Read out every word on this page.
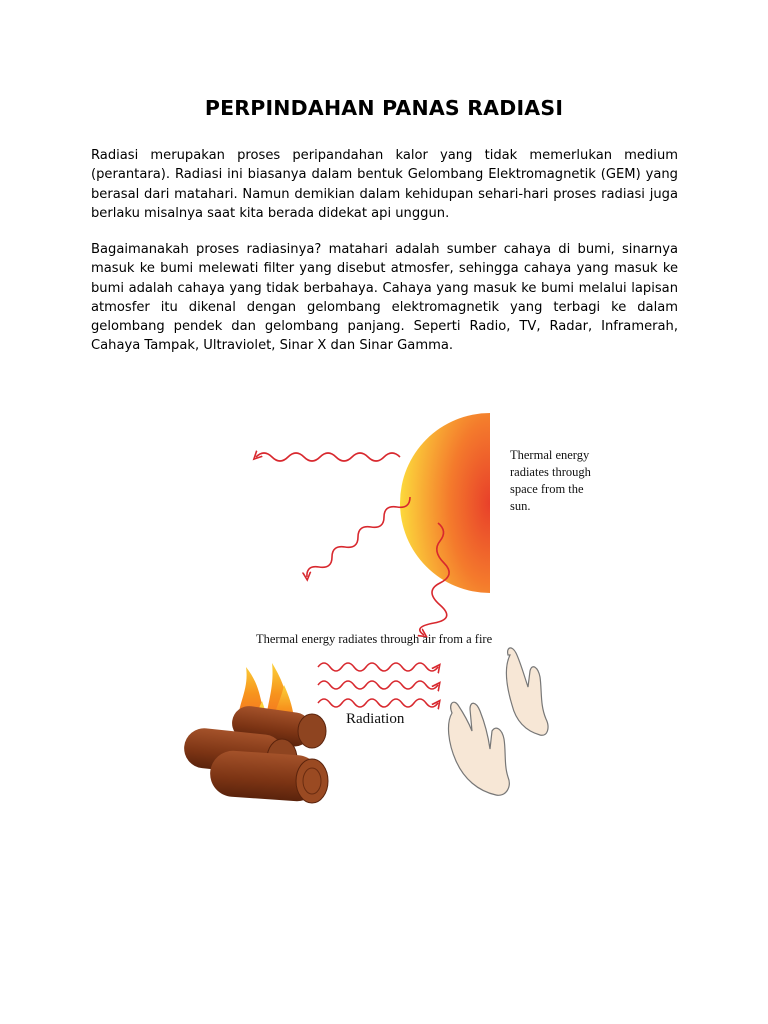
PERPINDAHAN PANAS RADIASI
Radiasi merupakan proses peripandahan kalor yang tidak memerlukan medium (perantara). Radiasi ini biasanya dalam bentuk Gelombang Elektromagnetik (GEM) yang berasal dari matahari. Namun demikian dalam kehidupan sehari-hari proses radiasi juga berlaku misalnya saat kita berada didekat api unggun.
Bagaimanakah proses radiasinya? matahari adalah sumber cahaya di bumi, sinarnya masuk ke bumi melewati filter yang disebut atmosfer, sehingga cahaya yang masuk ke bumi adalah cahaya yang tidak berbahaya. Cahaya yang masuk ke bumi melalui lapisan atmosfer itu dikenal dengan gelombang elektromagnetik yang terbagi ke dalam gelombang pendek dan gelombang panjang. Seperti Radio, TV, Radar, Inframerah, Cahaya Tampak, Ultraviolet, Sinar X dan Sinar Gamma.
Thermal energy radiates through space from the sun.
Thermal energy radiates through air from a fire
Radiation
